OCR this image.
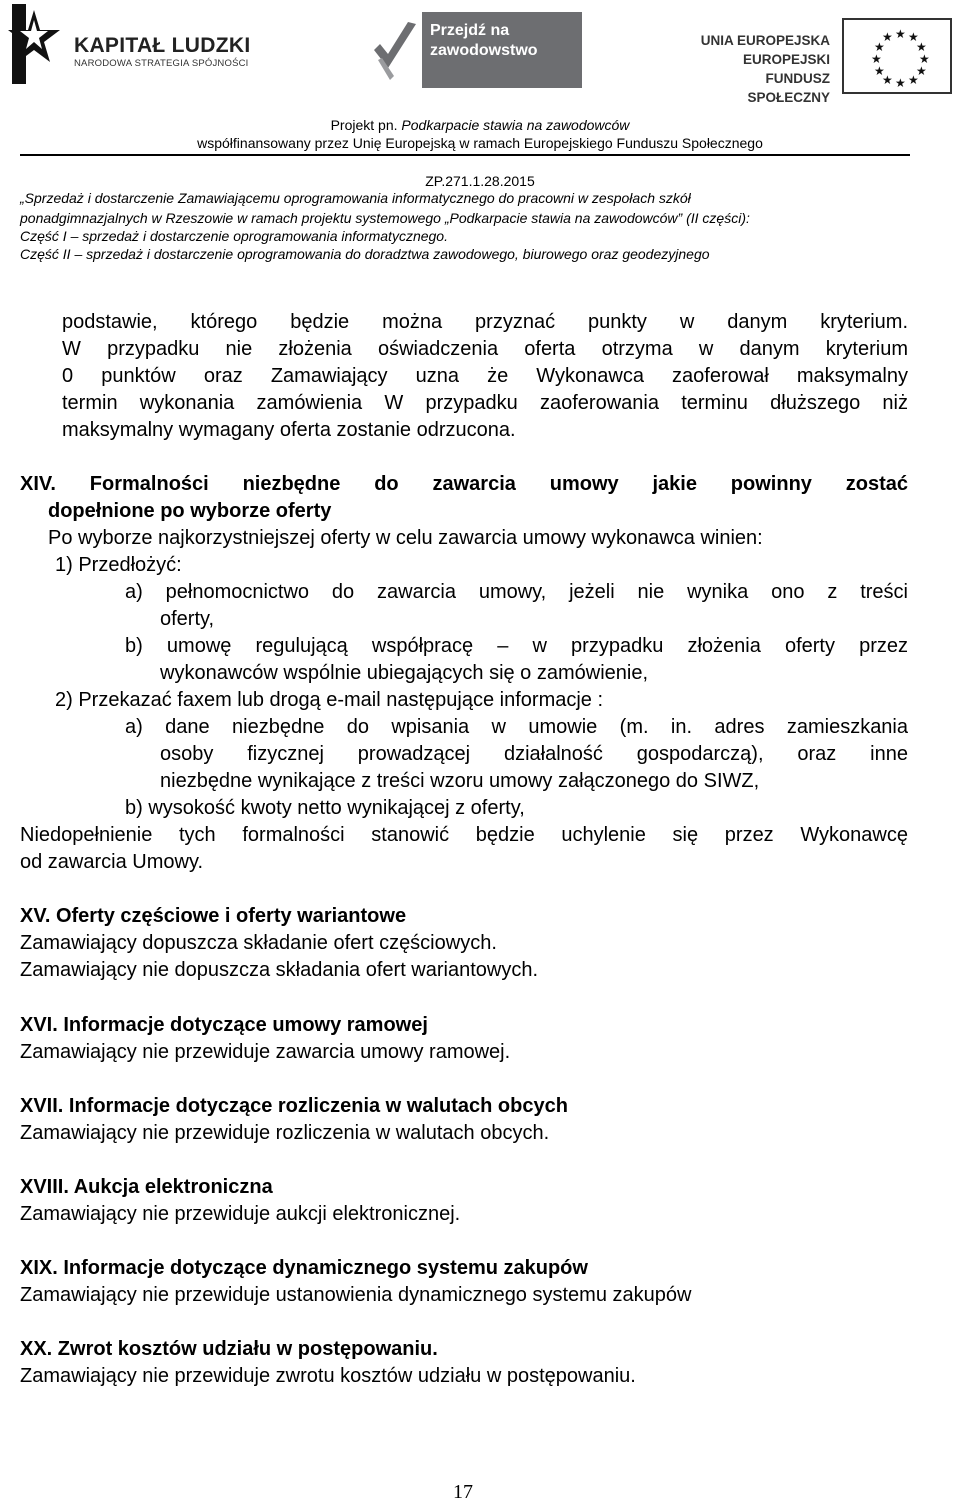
KAPITAŁ LUDZKI
NARODOWA STRATEGIA SPÓJNOŚCI
Przejdź na zawodowstwo
UNIA EUROPEJSKA
EUROPEJSKI
FUNDUSZ SPOŁECZNY
★ ★
★
★
★
★
★
★
★
★
★
★
Projekt pn. Podkarpacie stawia na zawodowców
współfinansowany przez Unię Europejską w ramach Europejskiego Funduszu Społecznego
ZP.271.1.28.2015
„Sprzedaż i dostarczenie Zamawiającemu oprogramowania informatycznego do pracowni w zespołach szkół
ponadgimnazjalnych w Rzeszowie w ramach projektu systemowego „Podkarpacie stawia na zawodowców” (II części):
Część I – sprzedaż i dostarczenie oprogramowania informatycznego.
Część II – sprzedaż i dostarczenie oprogramowania do doradztwa zawodowego, biurowego oraz geodezyjnego
podstawie, którego będzie można przyznać punkty w danym kryterium.
W przypadku nie złożenia oświadczenia oferta otrzyma w danym kryterium
0 punktów oraz Zamawiający uzna że Wykonawca zaoferował maksymalny
termin wykonania zamówienia W przypadku zaoferowania terminu dłuższego niż
maksymalny wymagany oferta zostanie odrzucona.
XIV. Formalności niezbędne do zawarcia umowy jakie powinny zostać
dopełnione po wyborze oferty
Po wyborze najkorzystniejszej oferty w celu zawarcia umowy wykonawca winien:
1) Przedłożyć:
a) pełnomocnictwo do zawarcia umowy, jeżeli nie wynika ono z treści
oferty,
b) umowę regulującą współpracę – w przypadku złożenia oferty przez
wykonawców wspólnie ubiegających się o zamówienie,
2) Przekazać faxem lub drogą e-mail następujące informacje :
a) dane niezbędne do wpisania w umowie (m. in. adres zamieszkania
osoby fizycznej prowadzącej działalność gospodarczą), oraz inne
niezbędne wynikające z treści wzoru umowy załączonego do SIWZ,
b) wysokość kwoty netto wynikającej z oferty,
Niedopełnienie tych formalności stanowić będzie uchylenie się przez Wykonawcę
od zawarcia Umowy.
XV. Oferty częściowe i oferty wariantowe
Zamawiający dopuszcza składanie ofert częściowych.
Zamawiający nie dopuszcza składania ofert wariantowych.
XVI. Informacje dotyczące umowy ramowej
Zamawiający nie przewiduje zawarcia umowy ramowej.
XVII. Informacje dotyczące rozliczenia w walutach obcych
Zamawiający nie przewiduje rozliczenia w walutach obcych.
XVIII. Aukcja elektroniczna
Zamawiający nie przewiduje aukcji elektronicznej.
XIX. Informacje dotyczące dynamicznego systemu zakupów
Zamawiający nie przewiduje ustanowienia dynamicznego systemu zakupów
XX. Zwrot kosztów udziału w postępowaniu.
Zamawiający nie przewiduje zwrotu kosztów udziału w postępowaniu.
17
